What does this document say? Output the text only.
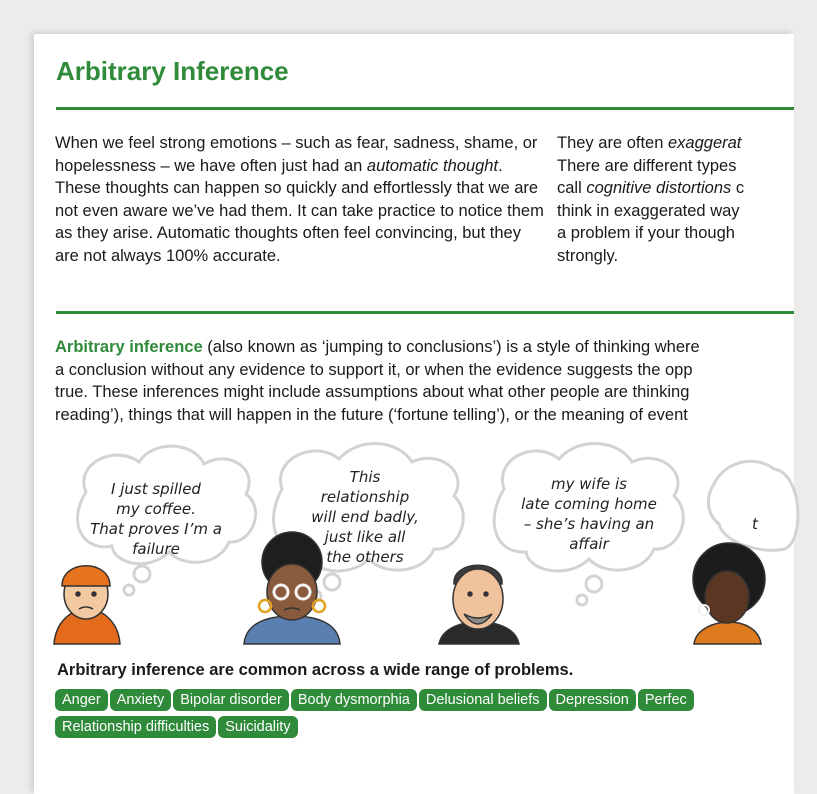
Arbitrary Inference

When we feel strong emotions – such as fear, sadness, shame, or hopelessness – we have often just had an automatic thought. These thoughts can happen so quickly and effortlessly that we are not even aware we’ve had them. It can take practice to notice them as they arise. Automatic thoughts often feel convincing, but they are not always 100% accurate.

They are often exaggerat
There are different types
call cognitive distortions c
think in exaggerated way
a problem if your though
strongly.

Arbitrary inference (also known as ‘jumping to conclusions’) is a style of thinking where
a conclusion without any evidence to support it, or when the evidence suggests the opp
true. These inferences might include assumptions about what other people are thinking
reading’), things that will happen in the future (‘fortune telling’), or the meaning of event

I just spilled
my coffee.
That proves I’m a
failure
This
relationship
will end badly,
just like all
the others
my wife is
late coming home
– she’s having an
affair
t
Arbitrary inference are common across a wide range of problems.
Anger Anxiety Bipolar disorder Body dysmorphia Delusional beliefs Depression Perfec
Relationship difficulties Suicidality
